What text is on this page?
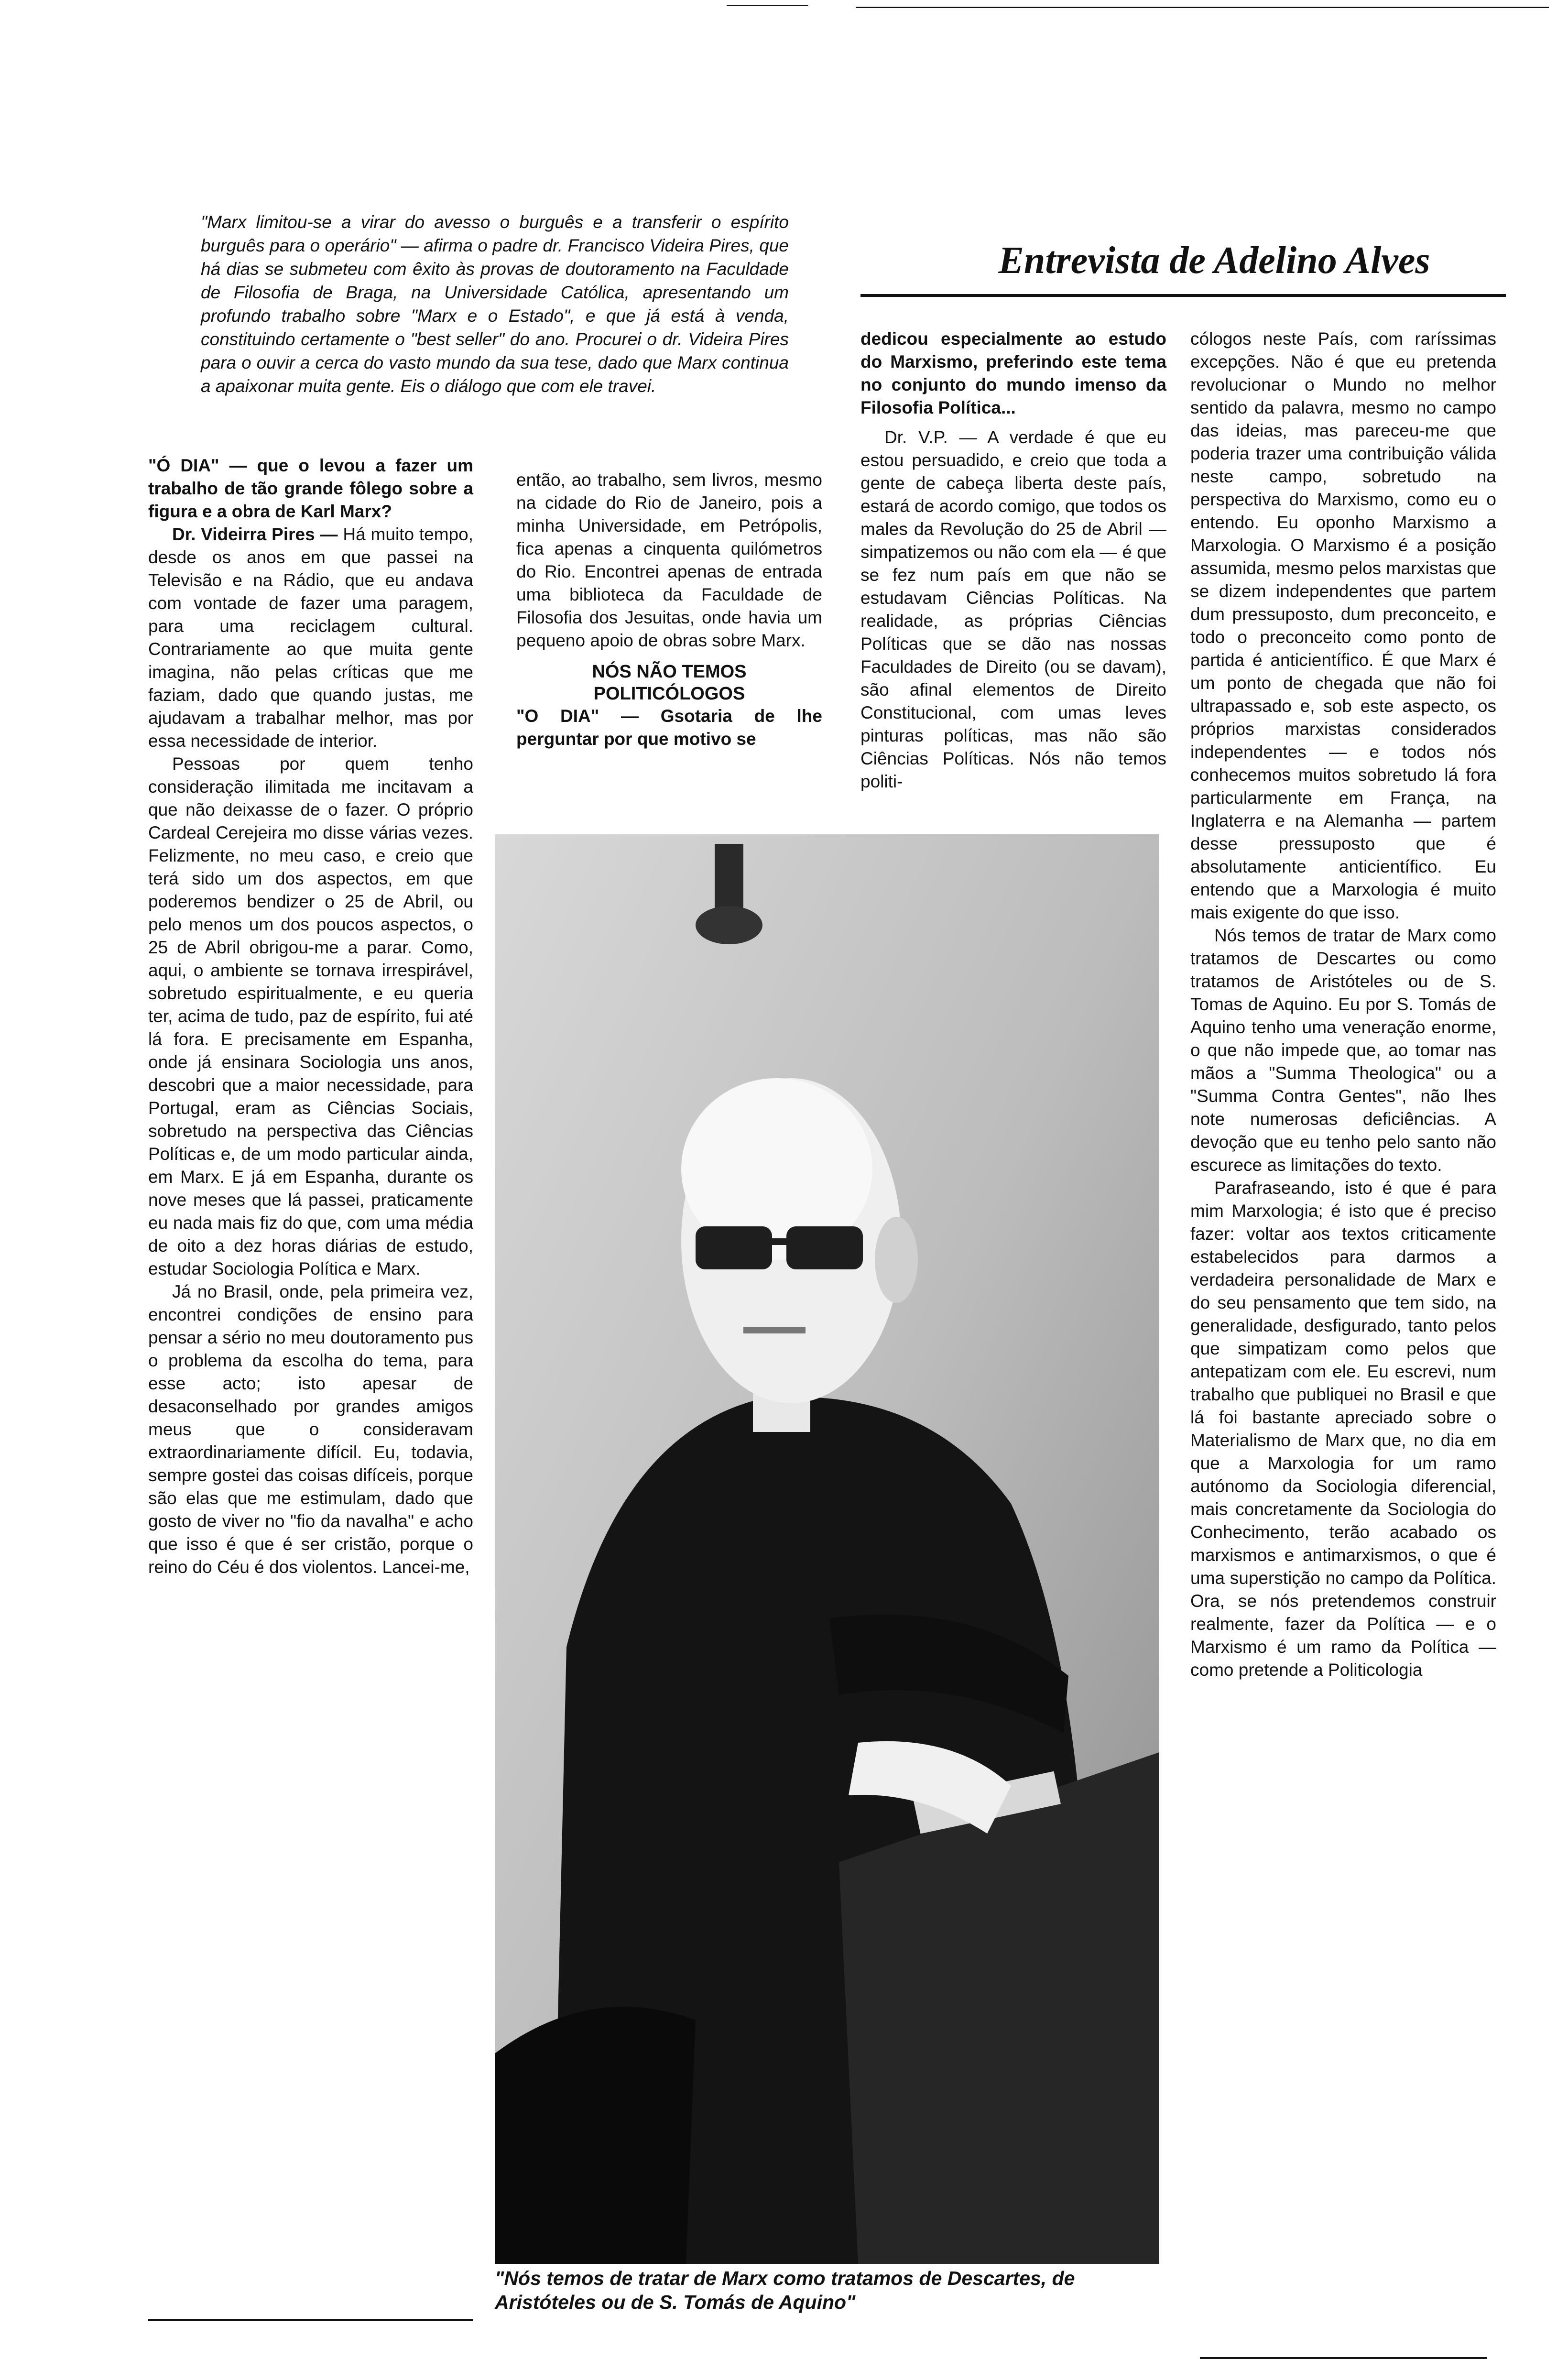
"Marx limitou-se a virar do avesso o burguês e a transferir o espírito burguês para o operário" — afirma o padre dr. Francisco Videira Pires, que há dias se submeteu com êxito às provas de doutoramento na Faculdade de Filosofia de Braga, na Universidade Católica, apresentando um profundo trabalho sobre "Marx e o Estado", e que já está à venda, constituindo certamente o "best seller" do ano. Procurei o dr. Videira Pires para o ouvir a cerca do vasto mundo da sua tese, dado que Marx continua a apaixonar muita gente. Eis o diálogo que com ele travei.

Entrevista de Adelino Alves

"Ó DIA" — que o levou a fazer um trabalho de tão grande fôlego sobre a figura e a obra de Karl Marx?

Dr. Videirra Pires — Há muito tempo, desde os anos em que passei na Televisão e na Rádio, que eu andava com vontade de fazer uma paragem, para uma reciclagem cultural. Contrariamente ao que muita gente imagina, não pelas críticas que me faziam, dado que quando justas, me ajudavam a trabalhar melhor, mas por essa necessidade de interior.

Pessoas por quem tenho consideração ilimitada me incitavam a que não deixasse de o fazer. O próprio Cardeal Cerejeira mo disse várias vezes. Felizmente, no meu caso, e creio que terá sido um dos aspectos, em que poderemos bendizer o 25 de Abril, ou pelo menos um dos poucos aspectos, o 25 de Abril obrigou-me a parar. Como, aqui, o ambiente se tornava irrespirável, sobretudo espiritualmente, e eu queria ter, acima de tudo, paz de espírito, fui até lá fora. E precisamente em Espanha, onde já ensinara Sociologia uns anos, descobri que a maior necessidade, para Portugal, eram as Ciências Sociais, sobretudo na perspectiva das Ciências Políticas e, de um modo particular ainda, em Marx. E já em Espanha, durante os nove meses que lá passei, praticamente eu nada mais fiz do que, com uma média de oito a dez horas diárias de estudo, estudar Sociologia Política e Marx.

Já no Brasil, onde, pela primeira vez, encontrei condições de ensino para pensar a sério no meu doutoramento pus o problema da escolha do tema, para esse acto; isto apesar de desaconselhado por grandes amigos meus que o consideravam extraordinariamente difícil. Eu, todavia, sempre gostei das coisas difíceis, porque são elas que me estimulam, dado que gosto de viver no "fio da navalha" e acho que isso é que é ser cristão, porque o reino do Céu é dos violentos. Lancei-me,

então, ao trabalho, sem livros, mesmo na cidade do Rio de Janeiro, pois a minha Universidade, em Petrópolis, fica apenas a cinquenta quilómetros do Rio. Encontrei apenas de entrada uma biblioteca da Faculdade de Filosofia dos Jesuitas, onde havia um pequeno apoio de obras sobre Marx.

NÓS NÃO TEMOS POLITICÓLOGOS

"O DIA" — Gsotaria de lhe perguntar por que motivo se

dedicou especialmente ao estudo do Marxismo, preferindo este tema no conjunto do mundo imenso da Filosofia Política...

Dr. V.P. — A verdade é que eu estou persuadido, e creio que toda a gente de cabeça liberta deste país, estará de acordo comigo, que todos os males da Revolução do 25 de Abril — simpatizemos ou não com ela — é que se fez num país em que não se estudavam Ciências Políticas. Na realidade, as próprias Ciências Políticas que se dão nas nossas Faculdades de Direito (ou se davam), são afinal elementos de Direito Constitucional, com umas leves pinturas políticas, mas não são Ciências Políticas. Nós não temos politi-

cólogos neste País, com raríssimas excepções. Não é que eu pretenda revolucionar o Mundo no melhor sentido da palavra, mesmo no campo das ideias, mas pareceu-me que poderia trazer uma contribuição válida neste campo, sobretudo na perspectiva do Marxismo, como eu o entendo. Eu oponho Marxismo a Marxologia. O Marxismo é a posição assumida, mesmo pelos marxistas que se dizem independentes que partem dum pressuposto, dum preconceito, e todo o preconceito como ponto de partida é anticientífico. É que Marx é um ponto de chegada que não foi ultrapassado e, sob este aspecto, os próprios marxistas considerados independentes — e todos nós conhecemos muitos sobretudo lá fora particularmente em França, na Inglaterra e na Alemanha — partem desse pressuposto que é absolutamente anticientífico. Eu entendo que a Marxologia é muito mais exigente do que isso.

Nós temos de tratar de Marx como tratamos de Descartes ou como tratamos de Aristóteles ou de S. Tomas de Aquino. Eu por S. Tomás de Aquino tenho uma veneração enorme, o que não impede que, ao tomar nas mãos a "Summa Theologica" ou a "Summa Contra Gentes", não lhes note numerosas deficiências. A devoção que eu tenho pelo santo não escurece as limitações do texto.

Parafraseando, isto é que é para mim Marxologia; é isto que é preciso fazer: voltar aos textos criticamente estabelecidos para darmos a verdadeira personalidade de Marx e do seu pensamento que tem sido, na generalidade, desfigurado, tanto pelos que simpatizam como pelos que antepatizam com ele. Eu escrevi, num trabalho que publiquei no Brasil e que lá foi bastante apreciado sobre o Materialismo de Marx que, no dia em que a Marxologia for um ramo autónomo da Sociologia diferencial, mais concretamente da Sociologia do Conhecimento, terão acabado os marxismos e antimarxismos, o que é uma superstição no campo da Política. Ora, se nós pretendemos construir realmente, fazer da Política — e o Marxismo é um ramo da Política — como pretende a Politicologia

"Nós temos de tratar de Marx como tratamos de Descartes, de Aristóteles ou de S. Tomás de Aquino"
